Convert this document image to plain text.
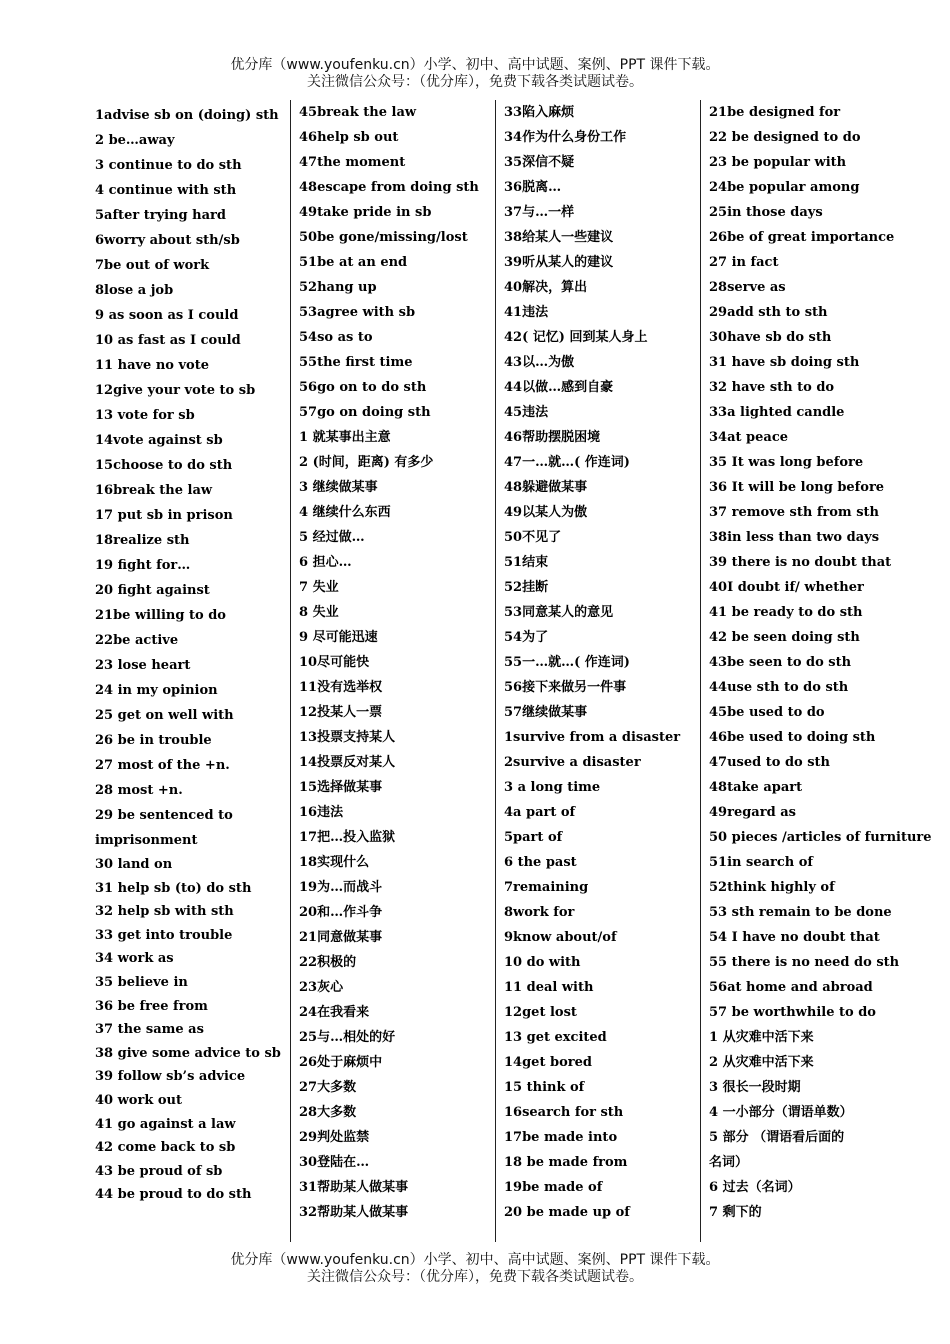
优分库（www.youfenku.cn）小学、初中、高中试题、案例、PPT 课件下载。
关注微信公众号：（优分库），免费下载各类试题试卷。
1advise sb on (doing) sth
2 be…away
3 continue to do sth
4 continue with sth
5after trying hard
6worry about sth/sb
7be out of work
8lose a job
9 as soon as I could
10 as fast as I could
11 have no vote
12give your vote to sb
13 vote for sb
14vote against sb
15choose to do sth
16break the law
17 put sb in prison
18realize sth
19 fight for…
20 fight against
21be willing to do
22be active
23 lose heart
24 in my opinion
25 get on well with
26 be in trouble
27 most of the +n.
28 most +n.
29 be sentenced to
imprisonment
30 land on
31 help sb (to) do sth
32 help sb with sth
33 get into trouble
34 work as
35 believe in
36 be free from
37 the same as
38 give some advice to sb
39 follow sb’s advice
40 work out
41 go against a law
42 come back to sb
43 be proud of sb
44 be proud to do sth
45break the law
46help sb out
47the moment
48escape from doing sth
49take pride in sb
50be gone/missing/lost
51be at an end
52hang up
53agree with sb
54so as to
55the first time
56go on to do sth
57go on doing sth
1 就某事出主意
2 (时间，距离) 有多少
3 继续做某事
4 继续什么东西
5 经过做…
6 担心…
7 失业
8 失业
9 尽可能迅速
10尽可能快
11没有选举权
12投某人一票
13投票支持某人
14投票反对某人
15选择做某事
16违法
17把…投入监狱
18实现什么
19为…而战斗
20和…作斗争
21同意做某事
22积极的
23灰心
24在我看来
25与…相处的好
26处于麻烦中
27大多数
28大多数
29判处监禁
30登陆在…
31帮助某人做某事
32帮助某人做某事
33陷入麻烦
34作为什么身份工作
35深信不疑
36脱离…
37与…一样
38给某人一些建议
39听从某人的建议
40解决，算出
41违法
42( 记忆) 回到某人身上
43以…为傲
44以做…感到自豪
45违法
46帮助摆脱困境
47一…就…( 作连词)
48躲避做某事
49以某人为傲
50不见了
51结束
52挂断
53同意某人的意见
54为了
55一…就…( 作连词)
56接下来做另一件事
57继续做某事
1survive from a disaster
2survive a disaster
3 a long time
4a part of
5part of
6 the past
7remaining
8work for
9know about/of
10 do with
11 deal with
12get lost
13 get excited
14get bored
15 think of
16search for sth
17be made into
18 be made from
19be made of
20 be made up of
21be designed for
22 be designed to do
23 be popular with
24be popular among
25in those days
26be of great importance
27 in fact
28serve as
29add sth to sth
30have sb do sth
31 have sb doing sth
32 have sth to do
33a lighted candle
34at peace
35 It was long before
36 It will be long before
37 remove sth from sth
38in less than two days
39 there is no doubt that
40I doubt if/ whether
41 be ready to do sth
42 be seen doing sth
43be seen to do sth
44use sth to do sth
45be used to do
46be used to doing sth
47used to do sth
48take apart
49regard as
50 pieces /articles of furniture
51in search of
52think highly of
53 sth remain to be done
54 I have no doubt that
55 there is no need do sth
56at home and abroad
57 be worthwhile to do
1 从灾难中活下来
2 从灾难中活下来
3 很长一段时期
4 一小部分（谓语单数）
5 部分 （谓语看后面的
名词）
6 过去（名词）
7 剩下的
优分库（www.youfenku.cn）小学、初中、高中试题、案例、PPT 课件下载。
关注微信公众号：（优分库），免费下载各类试题试卷。
